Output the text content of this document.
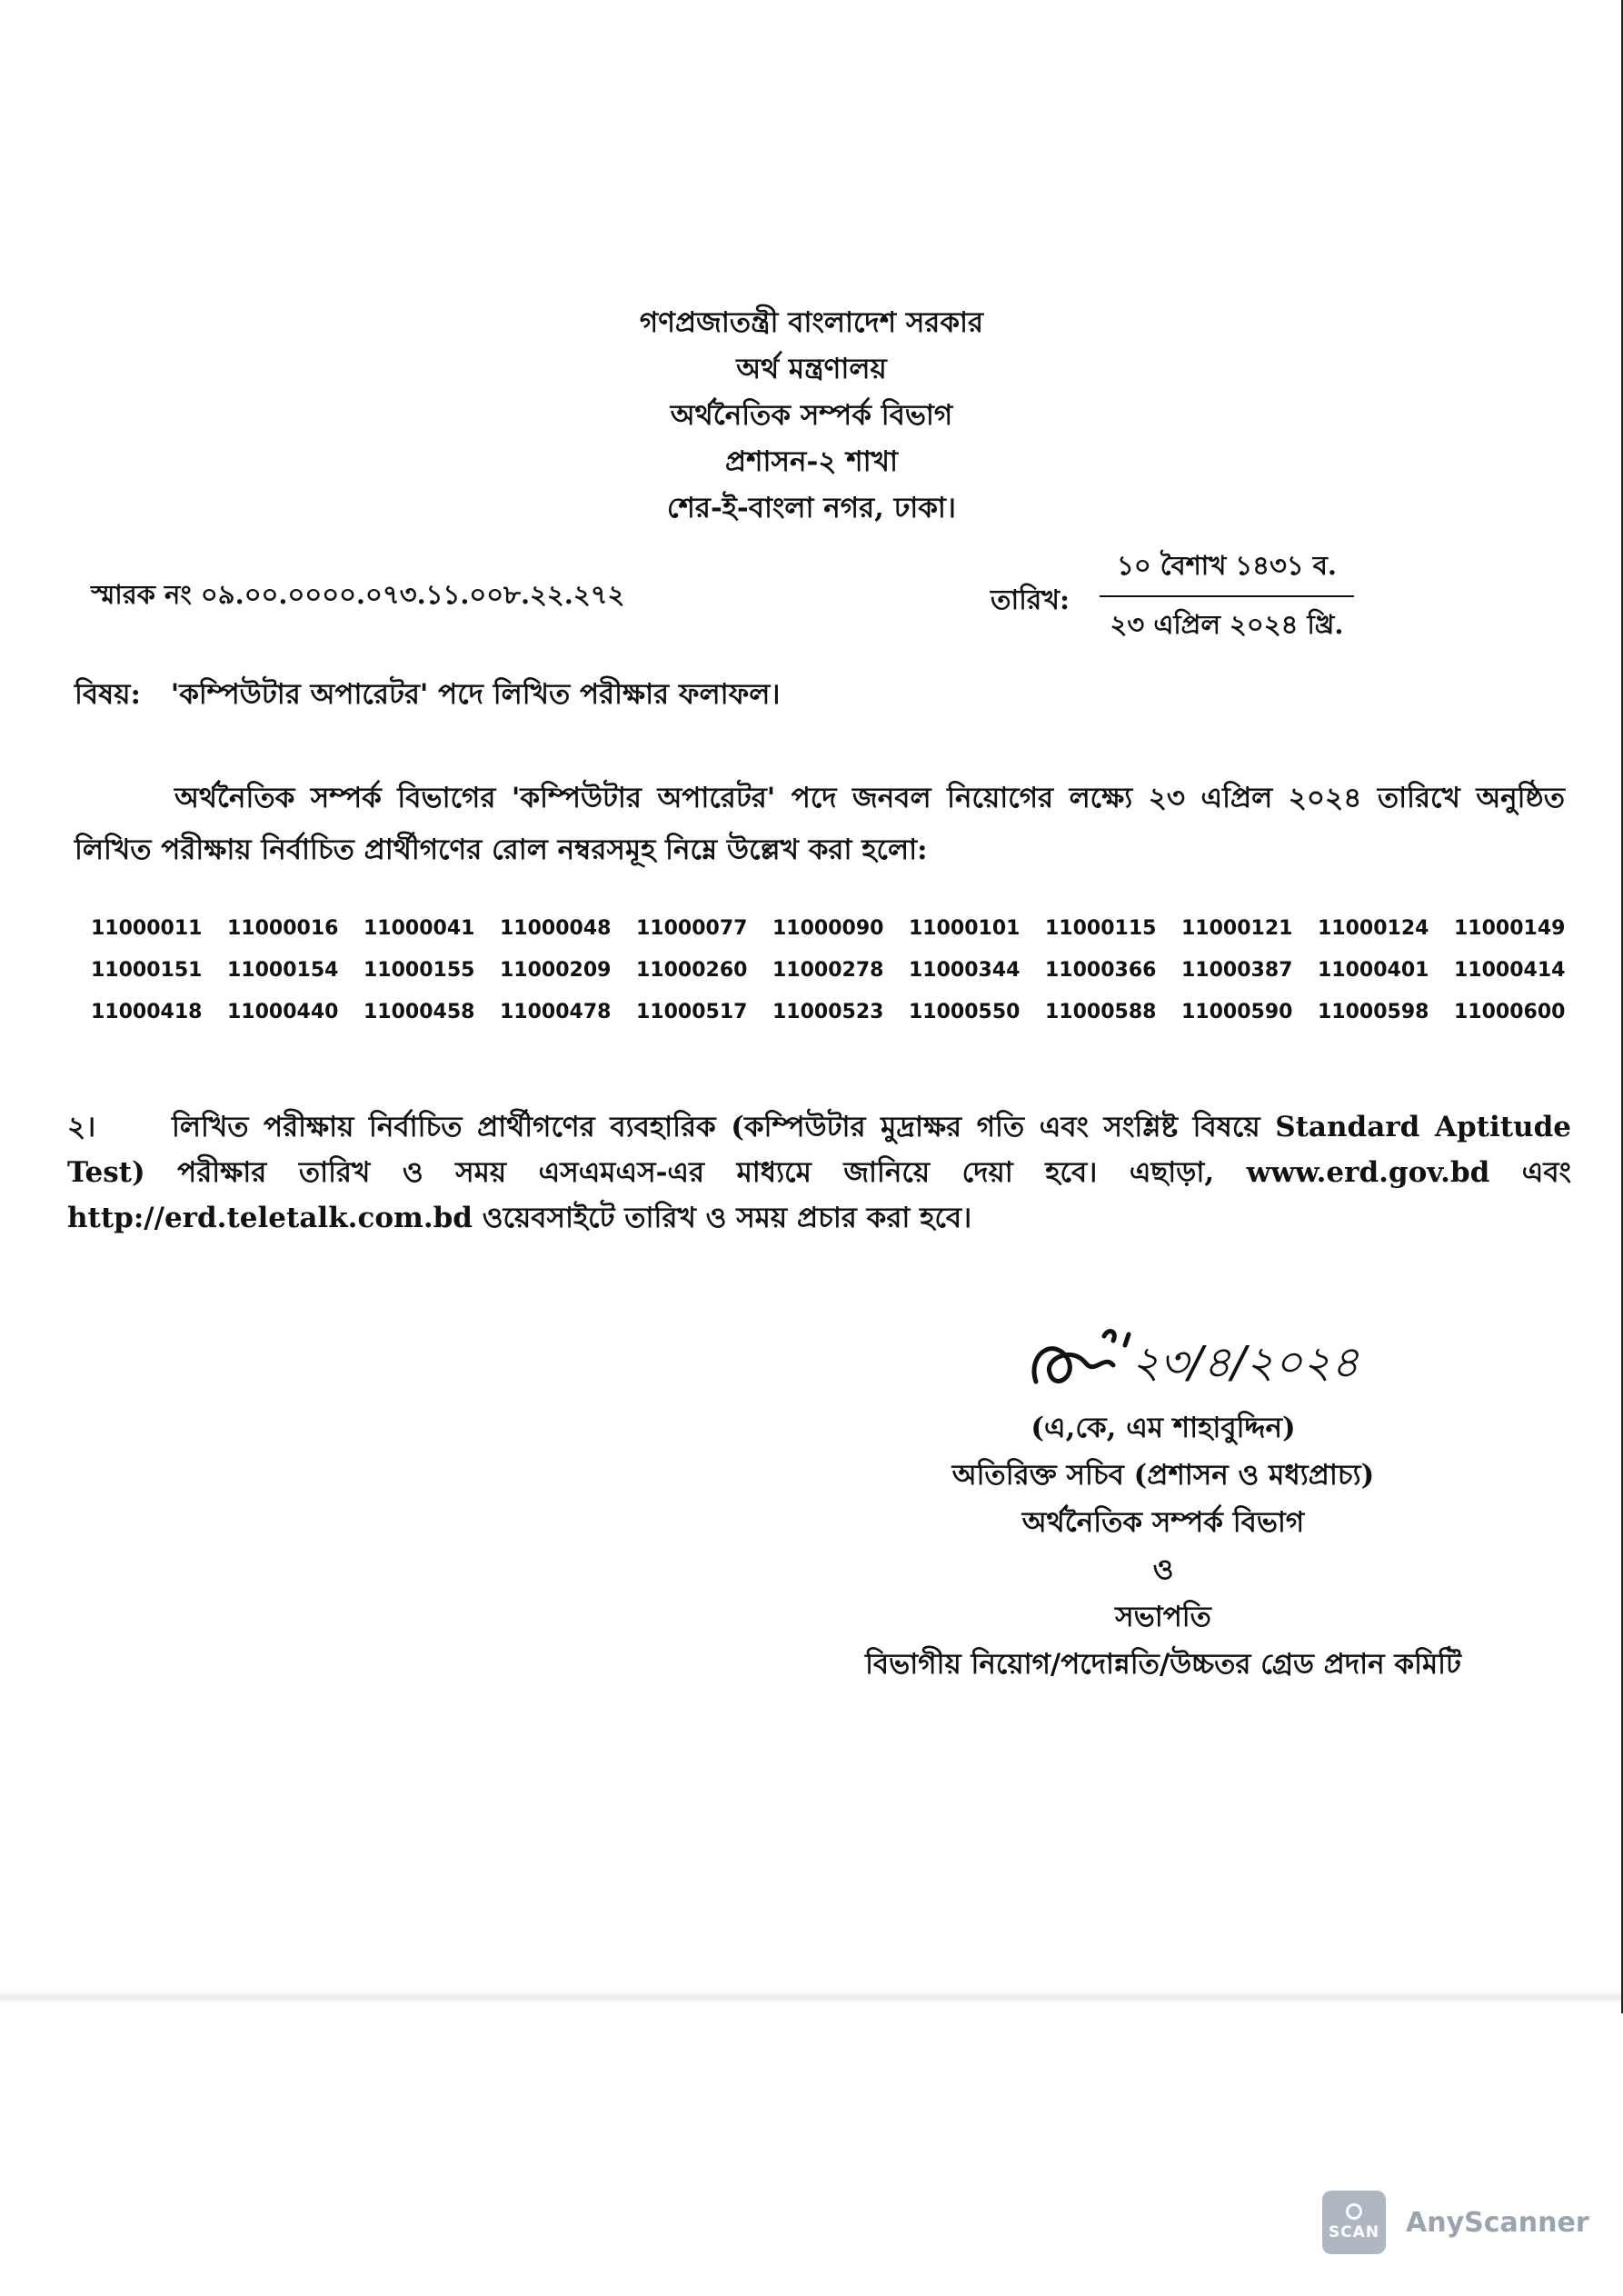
গণপ্রজাতন্ত্রী বাংলাদেশ সরকার
অর্থ মন্ত্রণালয়
অর্থনৈতিক সম্পর্ক বিভাগ
প্রশাসন-২ শাখা
শের-ই-বাংলা নগর, ঢাকা।
স্মারক নং ০৯.০০.০০০০.০৭৩.১১.০০৮.২২.২৭২	তারিখ:
১০ বৈশাখ ১৪৩১ ব.
২৩ এপ্রিল ২০২৪ খ্রি.
বিষয়: 'কম্পিউটার অপারেটর' পদে লিখিত পরীক্ষার ফলাফল।
অর্থনৈতিক সম্পর্ক বিভাগের 'কম্পিউটার অপারেটর' পদে জনবল নিয়োগের লক্ষ্যে ২৩ এপ্রিল ২০২৪ তারিখে অনুষ্ঠিত লিখিত পরীক্ষায় নির্বাচিত প্রার্থীগণের রোল নম্বরসমূহ নিম্নে উল্লেখ করা হলো:
11000011	11000016	11000041	11000048	11000077	11000090	11000101	11000115	11000121	11000124	11000149
11000151	11000154	11000155	11000209	11000260	11000278	11000344	11000366	11000387	11000401	11000414
11000418	11000440	11000458	11000478	11000517	11000523	11000550	11000588	11000590	11000598	11000600
২।	লিখিত পরীক্ষায় নির্বাচিত প্রার্থীগণের ব্যবহারিক (কম্পিউটার মুদ্রাক্ষর গতি এবং সংশ্লিষ্ট বিষয়ে Standard Aptitude Test) পরীক্ষার তারিখ ও সময় এসএমএস-এর মাধ্যমে জানিয়ে দেয়া হবে। এছাড়া, www.erd.gov.bd এবং http://erd.teletalk.com.bd ওয়েবসাইটে তারিখ ও সময় প্রচার করা হবে।
২৩/৪/২০২৪
(এ,কে, এম শাহাবুদ্দিন)
অতিরিক্ত সচিব (প্রশাসন ও মধ্যপ্রাচ্য)
অর্থনৈতিক সম্পর্ক বিভাগ
ও
সভাপতি
বিভাগীয় নিয়োগ/পদোন্নতি/উচ্চতর গ্রেড প্রদান কমিটি
SCAN AnyScanner
